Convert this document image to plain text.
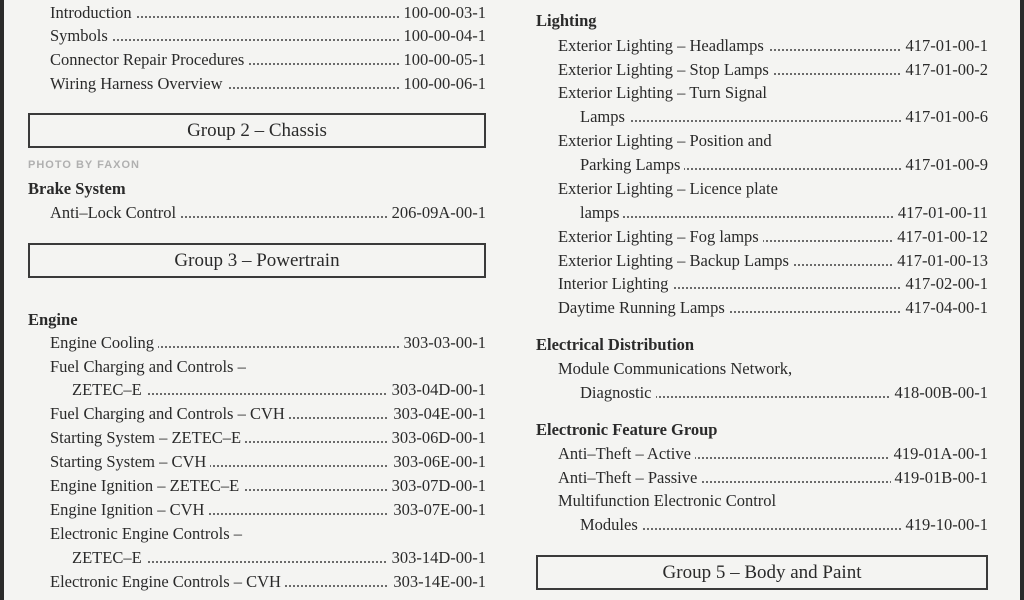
Introduction	100-00-03-1
Symbols	100-00-04-1
Connector Repair Procedures	100-00-05-1
Wiring Harness Overview	100-00-06-1
Group 2 – Chassis
PHOTO BY FAXON
Brake System
Anti–Lock Control	206-09A-00-1
Group 3 – Powertrain
Engine
Engine Cooling	303-03-00-1
Fuel Charging and Controls –
ZETEC–E	303-04D-00-1
Fuel Charging and Controls – CVH	303-04E-00-1
Starting System – ZETEC–E	303-06D-00-1
Starting System – CVH	303-06E-00-1
Engine Ignition – ZETEC–E	303-07D-00-1
Engine Ignition – CVH	303-07E-00-1
Electronic Engine Controls –
ZETEC–E	303-14D-00-1
Electronic Engine Controls – CVH	303-14E-00-1
Lighting
Exterior Lighting – Headlamps	417-01-00-1
Exterior Lighting – Stop Lamps	417-01-00-2
Exterior Lighting – Turn Signal
Lamps	417-01-00-6
Exterior Lighting – Position and
Parking Lamps	417-01-00-9
Exterior Lighting – Licence plate
lamps	417-01-00-11
Exterior Lighting – Fog lamps	417-01-00-12
Exterior Lighting – Backup Lamps	417-01-00-13
Interior Lighting	417-02-00-1
Daytime Running Lamps	417-04-00-1
Electrical Distribution
Module Communications Network,
Diagnostic	418-00B-00-1
Electronic Feature Group
Anti–Theft – Active	419-01A-00-1
Anti–Theft – Passive	419-01B-00-1
Multifunction Electronic Control
Modules	419-10-00-1
Group 5 – Body and Paint
